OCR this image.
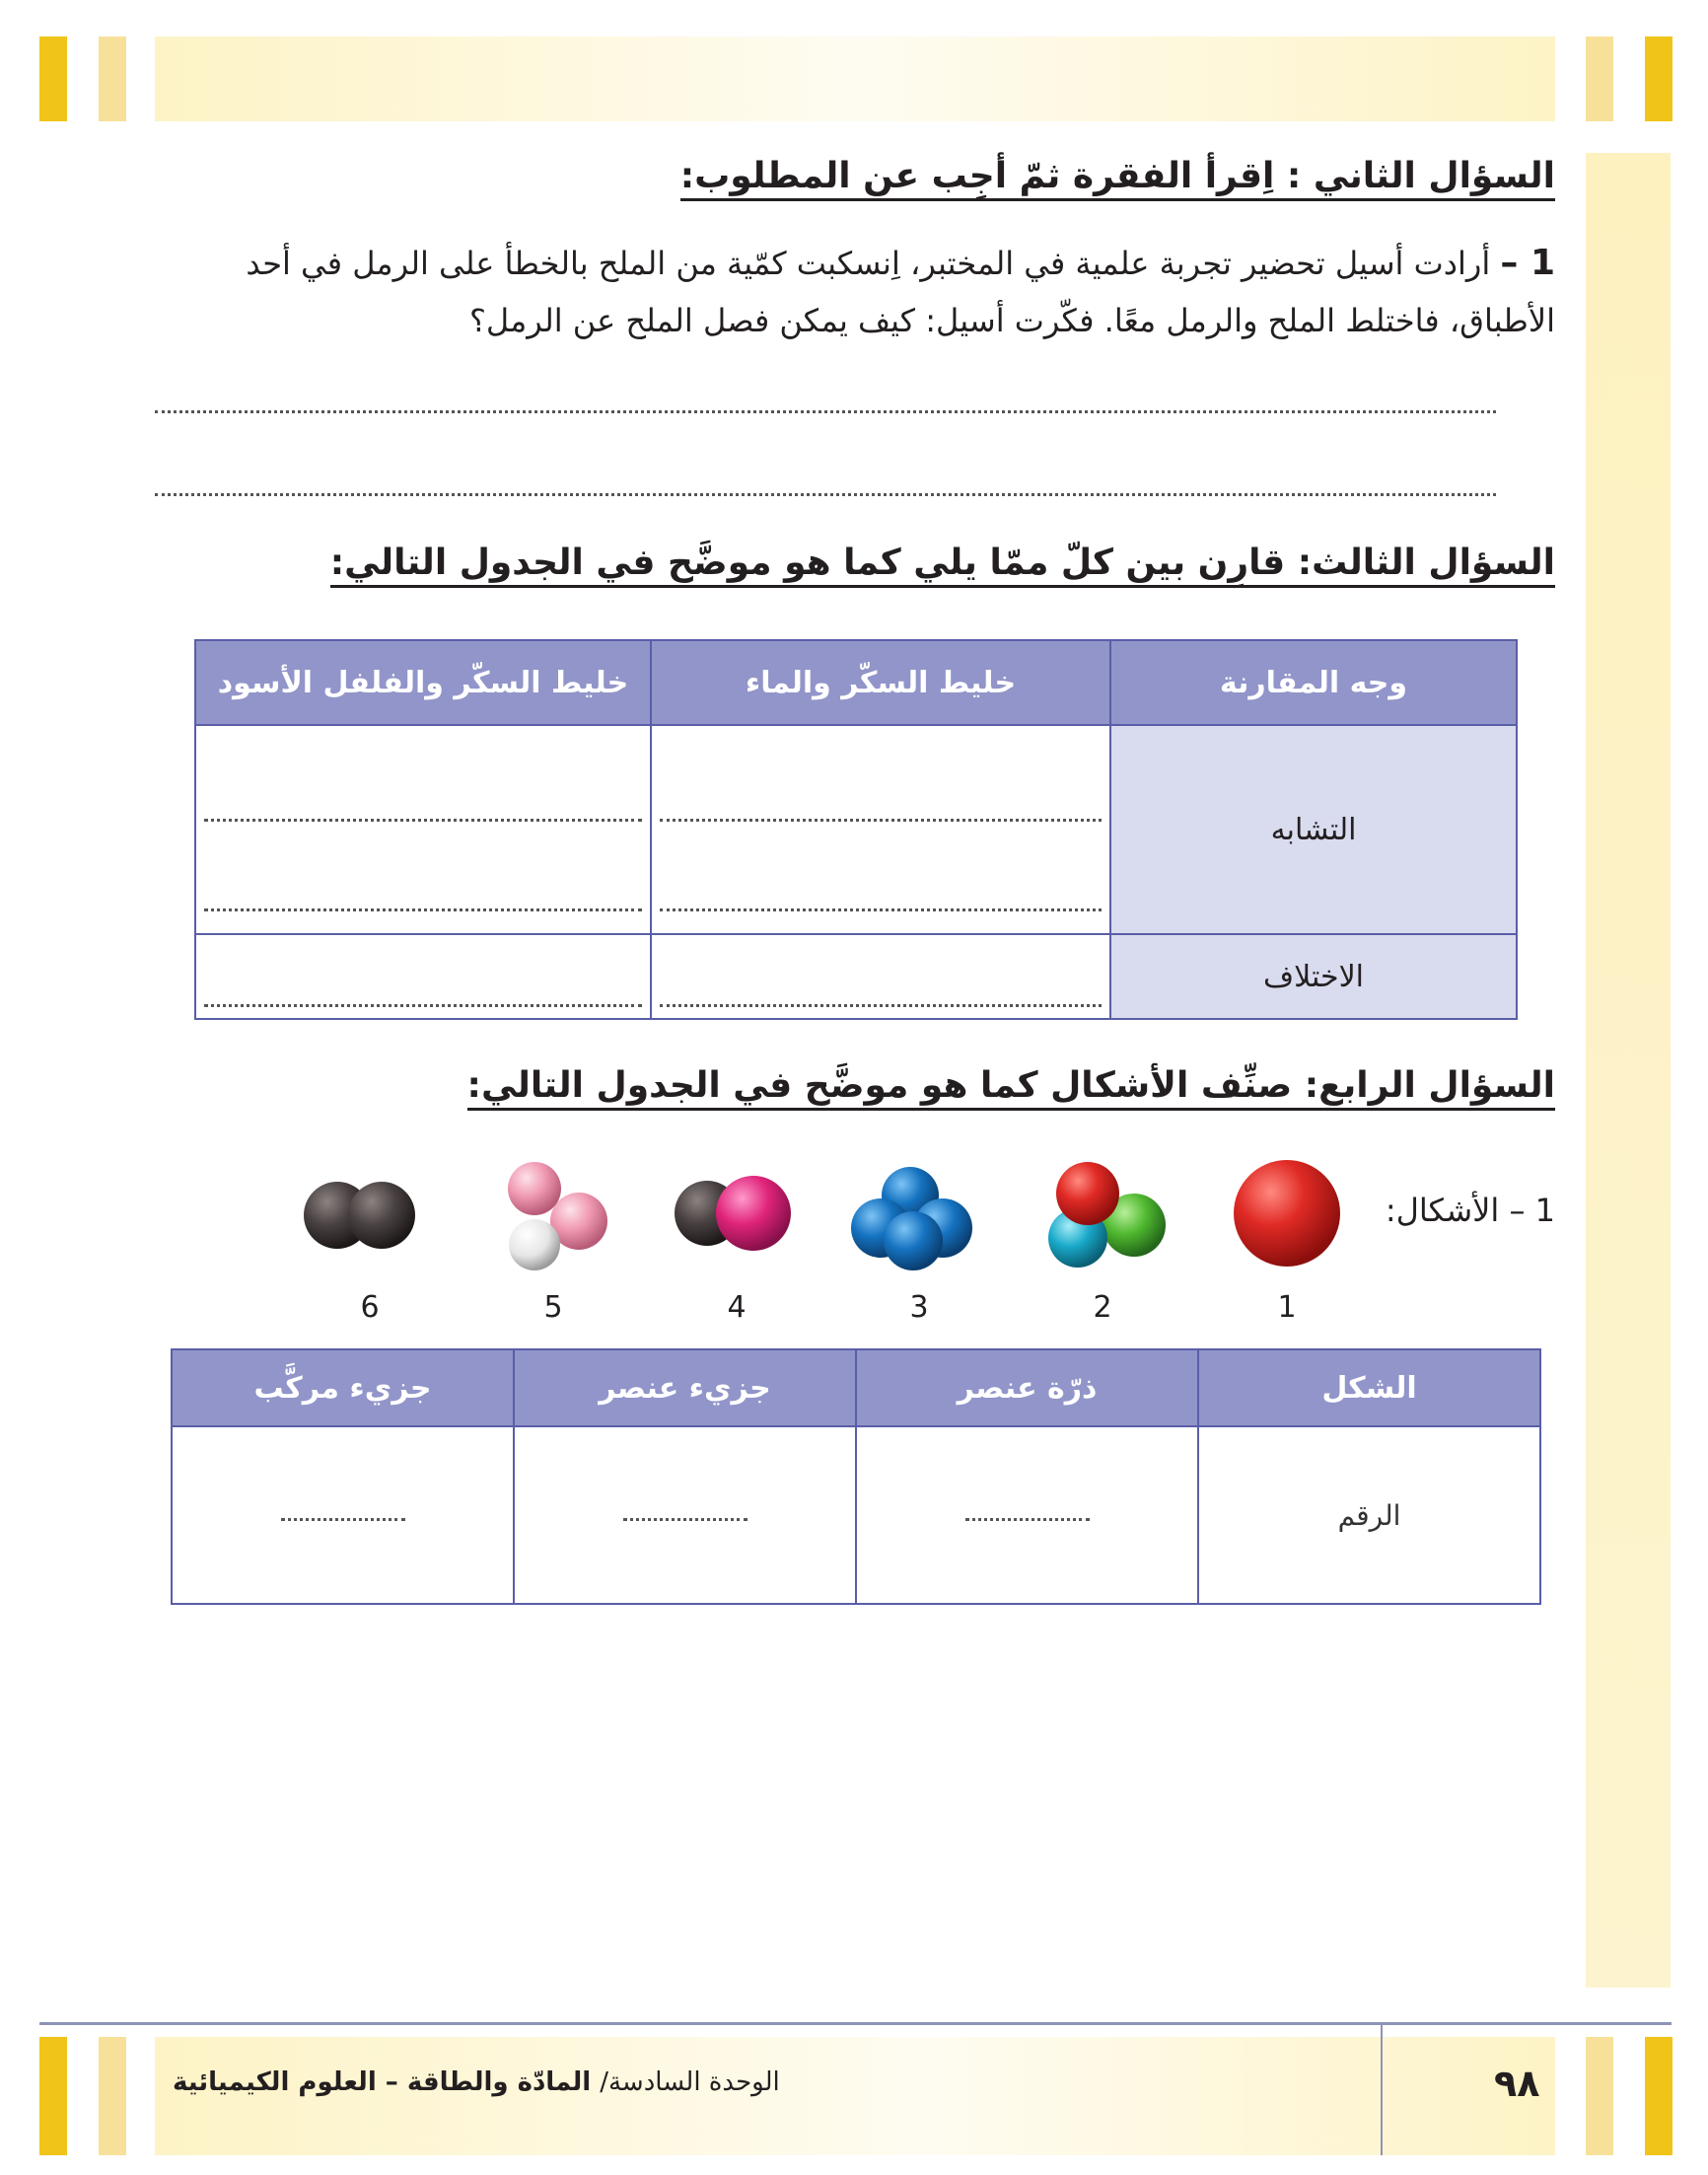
السؤال الثاني : اِقرأ الفقرة ثمّ أجِب عن المطلوب:
1 – أرادت أسيل تحضير تجربة علمية في المختبر، اِنسكبت كمّية من الملح بالخطأ على الرمل في أحد الأطباق، فاختلط الملح والرمل معًا. فكّرت أسيل: كيف يمكن فصل الملح عن الرمل؟
السؤال الثالث: قارِن بين كلّ ممّا يلي كما هو موضَّح في الجدول التالي:
وجه المقارنة	خليط السكّر والماء	خليط السكّر والفلفل الأسود
التشابه	

الاختلاف	

السؤال الرابع: صنِّف الأشكال كما هو موضَّح في الجدول التالي:
1 – الأشكال:
1
2
3
4
5
6
الشكل	ذرّة عنصر	جزيء عنصر	جزيء مركَّب
الرقم			
٩٨
الوحدة السادسة/ المادّة والطاقة – العلوم الكيميائية
